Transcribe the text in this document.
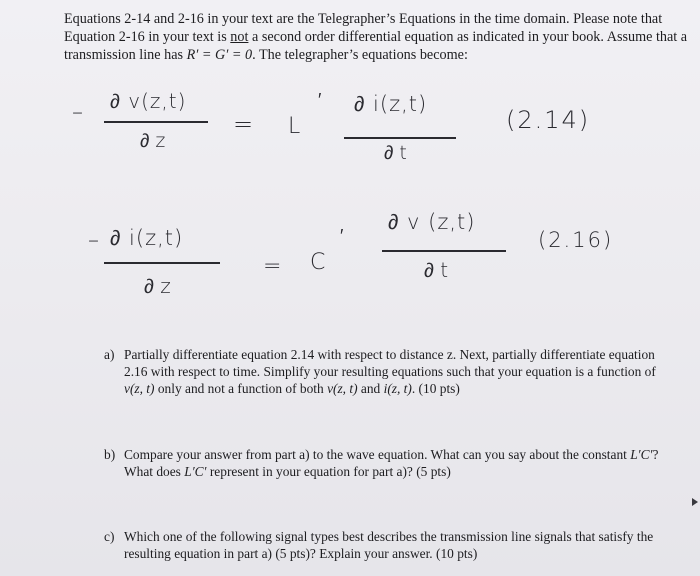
Equations 2-14 and 2-16 in your text are the Telegrapher’s Equations in the time domain. Please note that Equation 2-16 in your text is not a second order differential equation as indicated in your book. Assume that a transmission line has R′ = G′ = 0. The telegrapher’s equations become:

– ∂ v(z,t)
∂ z
= L
′ ∂ i(z,t)
∂ t
(2.14)
– ∂ i(z,t)
∂ z
= C
′
∂ v (z,t)
∂ t
(2.16)
a) Partially differentiate equation 2.14 with respect to distance z. Next, partially differentiate equation 2.16 with respect to time. Simplify your resulting equations such that your equation is a function of v(z, t) only and not a function of both v(z, t) and i(z, t). (10 pts)
b) Compare your answer from part a) to the wave equation. What can you say about the constant L′C′? What does L′C′ represent in your equation for part a)? (5 pts)
c) Which one of the following signal types best describes the transmission line signals that satisfy the resulting equation in part a) (5 pts)? Explain your answer. (10 pts)
